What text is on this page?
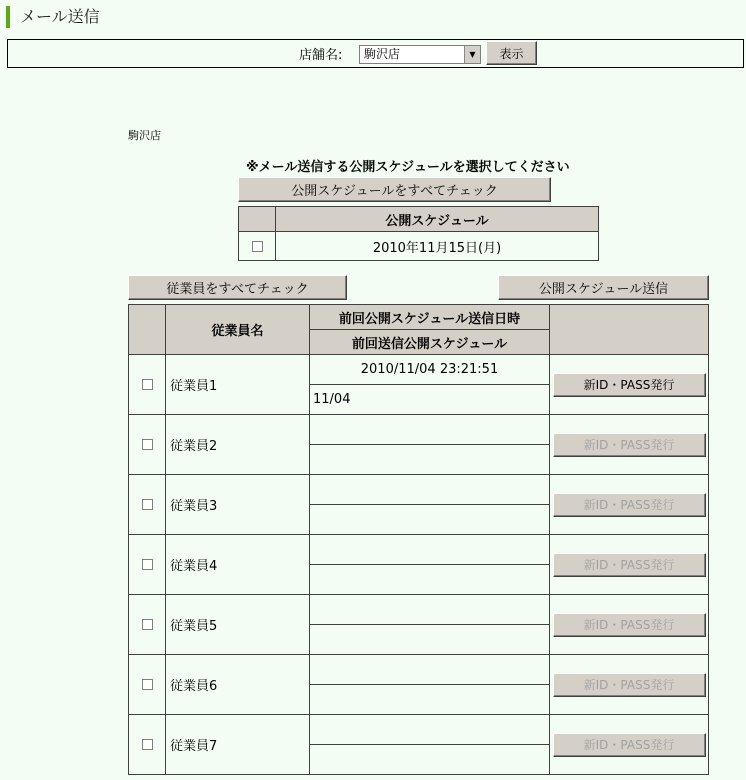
メール送信
店舗名: 駒沢店	▼	表示
駒沢店
※メール送信する公開スケジュールを選択してください
公開スケジュールをすべてチェック
	公開スケジュール
	2010年11月15日(月)
従業員をすべてチェック	公開スケジュール送信
	従業員名	前回公開スケジュール送信日時	
		前回送信公開スケジュール	
	従業員1	2010/11/04 23:21:51	新ID・PASS発行

		11/04	
	従業員2		新ID・PASS発行

	従業員3		新ID・PASS発行

	従業員4		新ID・PASS発行

	従業員5		新ID・PASS発行

	従業員6		新ID・PASS発行

	従業員7		新ID・PASS発行
